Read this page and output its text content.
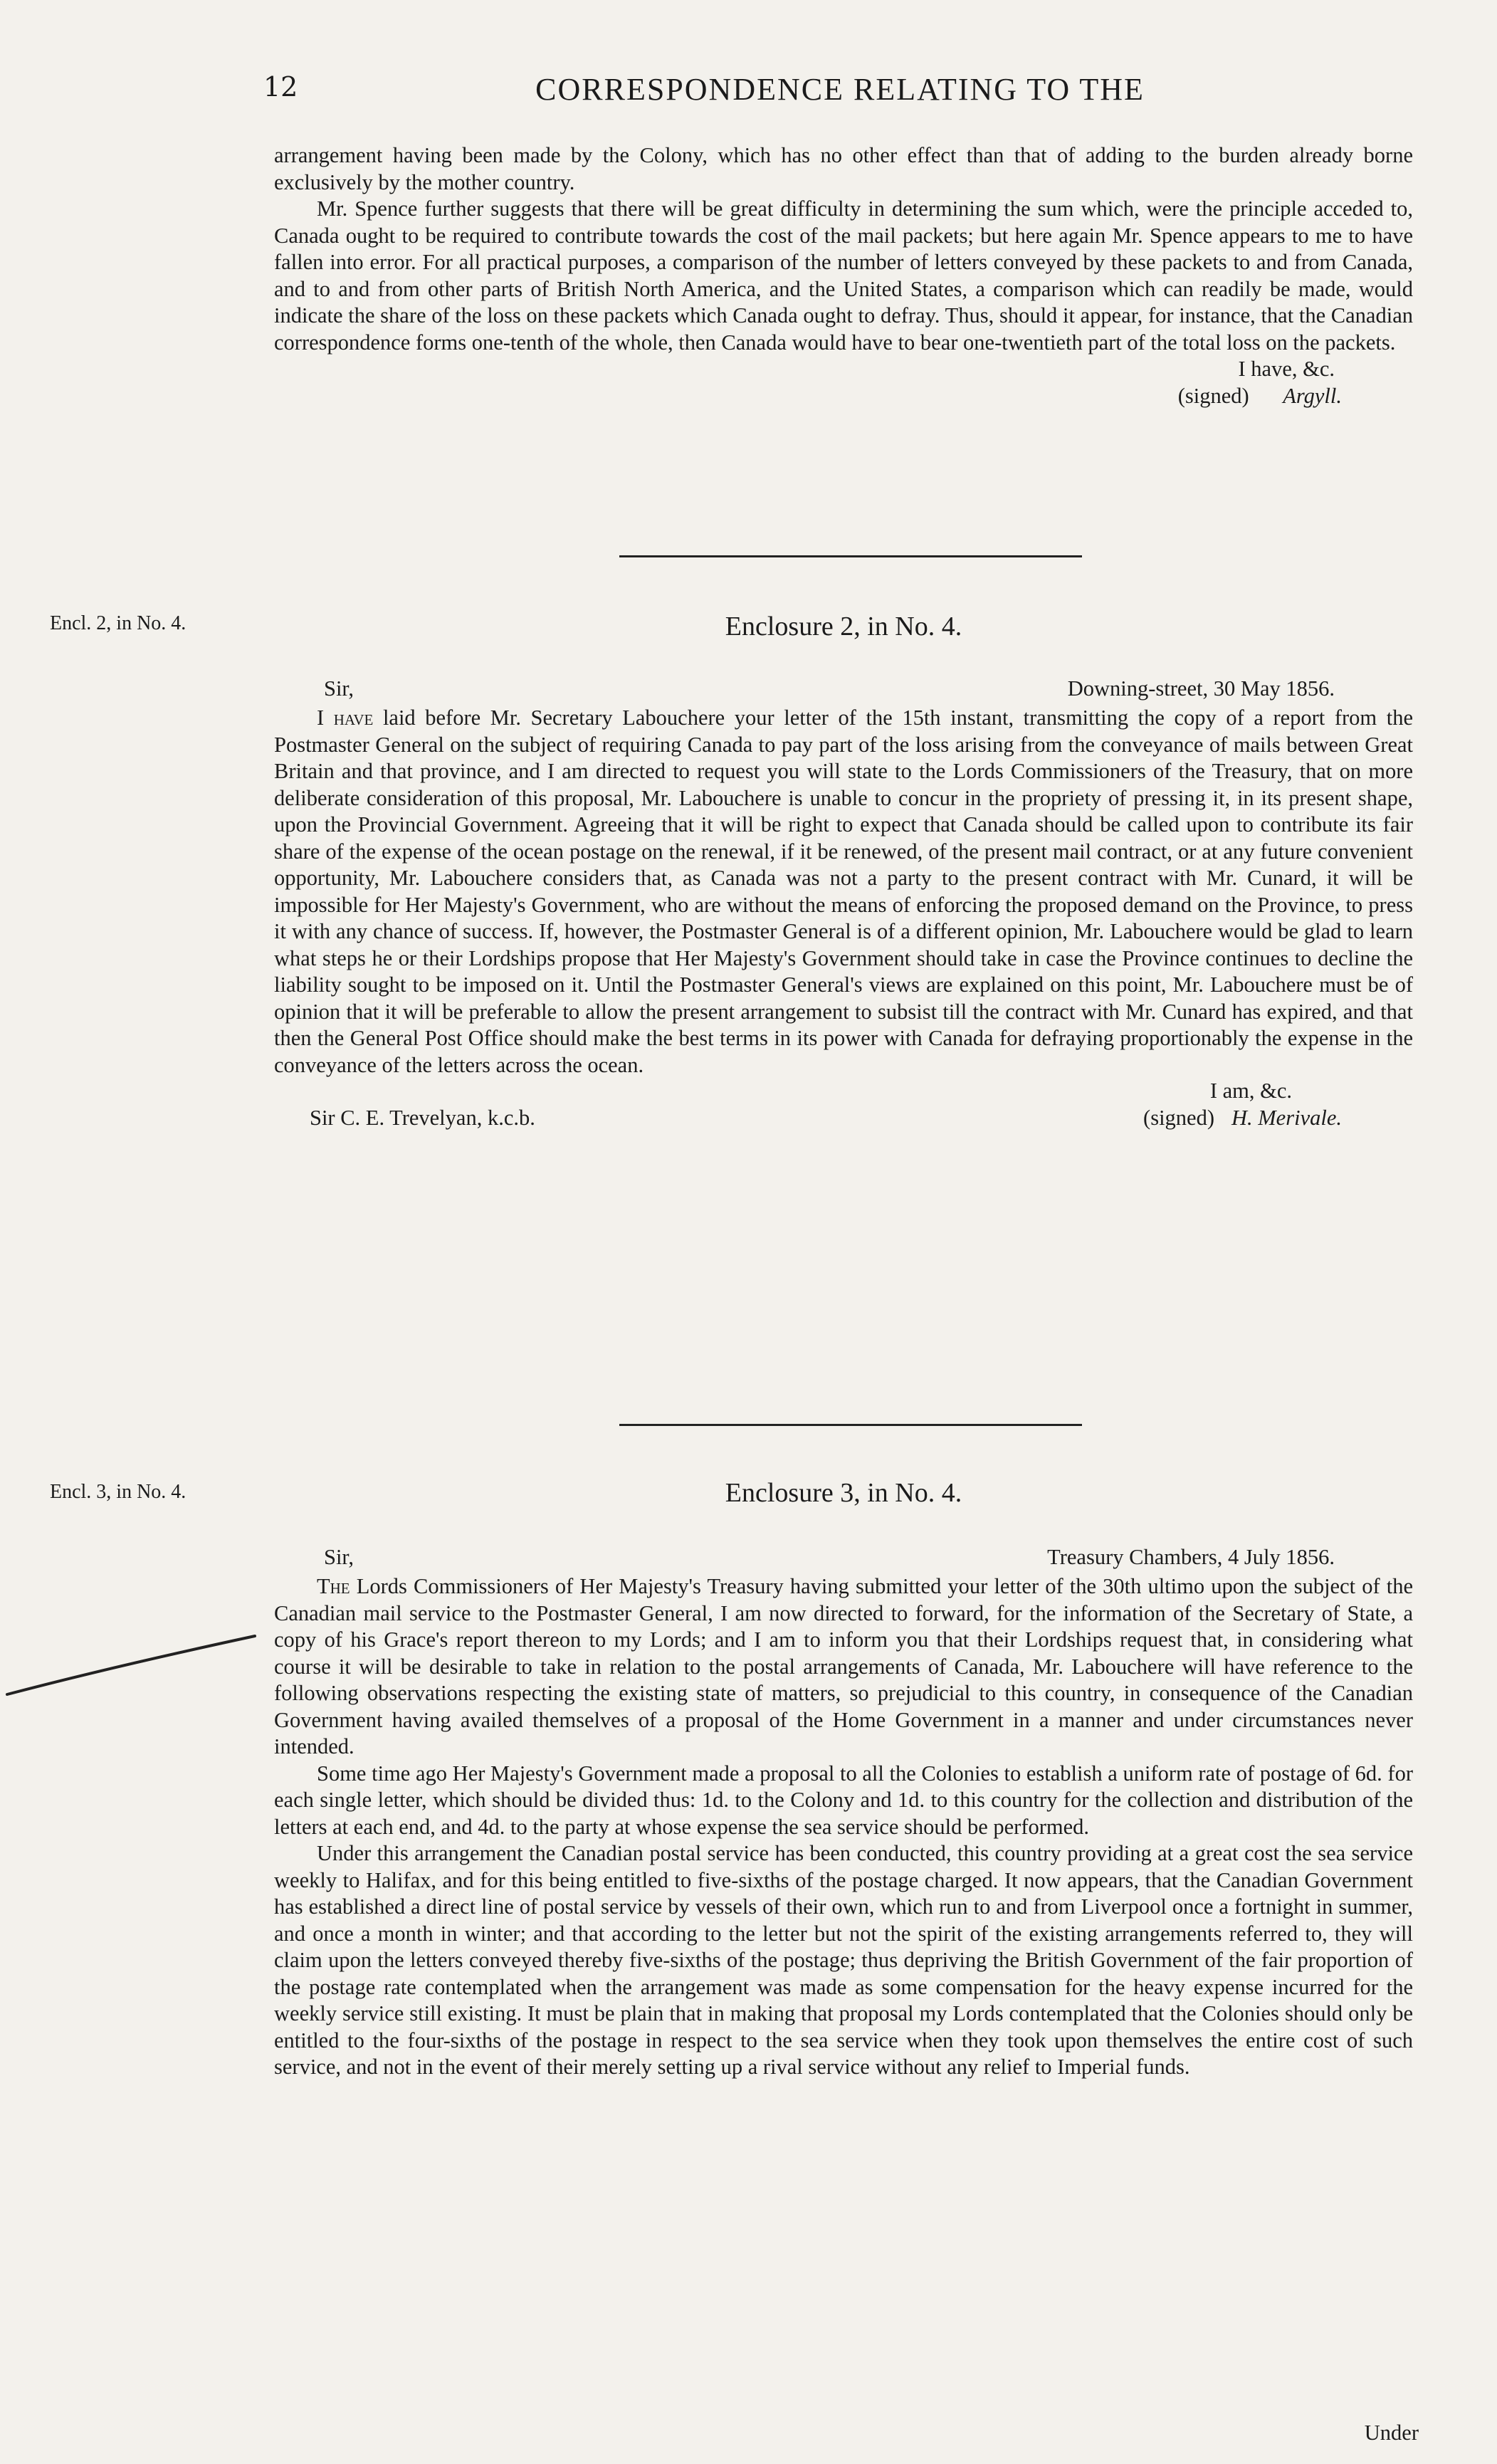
12	CORRESPONDENCE RELATING TO THE

arrangement having been made by the Colony, which has no other effect than that of adding to the burden already borne exclusively by the mother country.

Mr. Spence further suggests that there will be great difficulty in determining the sum which, were the principle acceded to, Canada ought to be required to contribute towards the cost of the mail packets; but here again Mr. Spence appears to me to have fallen into error. For all practical purposes, a comparison of the number of letters conveyed by these packets to and from Canada, and to and from other parts of British North America, and the United States, a comparison which can readily be made, would indicate the share of the loss on these packets which Canada ought to defray. Thus, should it appear, for instance, that the Canadian correspondence forms one-tenth of the whole, then Canada would have to bear one-twentieth part of the total loss on the packets.

I have, &c.
(signed) Argyll.
Encl. 2, in No. 4.	Enclosure 2, in No. 4.
Sir,	Downing-street, 30 May 1856.

I have laid before Mr. Secretary Labouchere your letter of the 15th instant, transmitting the copy of a report from the Postmaster General on the subject of requiring Canada to pay part of the loss arising from the conveyance of mails between Great Britain and that province, and I am directed to request you will state to the Lords Commissioners of the Treasury, that on more deliberate consideration of this proposal, Mr. Labouchere is unable to concur in the propriety of pressing it, in its present shape, upon the Provincial Government. Agreeing that it will be right to expect that Canada should be called upon to contribute its fair share of the expense of the ocean postage on the renewal, if it be renewed, of the present mail contract, or at any future convenient opportunity, Mr. Labouchere considers that, as Canada was not a party to the present contract with Mr. Cunard, it will be impossible for Her Majesty's Government, who are without the means of enforcing the proposed demand on the Province, to press it with any chance of success. If, however, the Postmaster General is of a different opinion, Mr. Labouchere would be glad to learn what steps he or their Lordships propose that Her Majesty's Government should take in case the Province continues to decline the liability sought to be imposed on it. Until the Postmaster General's views are explained on this point, Mr. Labouchere must be of opinion that it will be preferable to allow the present arrangement to subsist till the contract with Mr. Cunard has expired, and that then the General Post Office should make the best terms in its power with Canada for defraying proportionably the expense in the conveyance of the letters across the ocean.

I am, &c.
Sir C. E. Trevelyan, k.c.b.	(signed) H. Merivale.
Encl. 3, in No. 4.	Enclosure 3, in No. 4.
Sir,	Treasury Chambers, 4 July 1856.

The Lords Commissioners of Her Majesty's Treasury having submitted your letter of the 30th ultimo upon the subject of the Canadian mail service to the Postmaster General, I am now directed to forward, for the information of the Secretary of State, a copy of his Grace's report thereon to my Lords; and I am to inform you that their Lordships request that, in considering what course it will be desirable to take in relation to the postal arrangements of Canada, Mr. Labouchere will have reference to the following observations respecting the existing state of matters, so prejudicial to this country, in consequence of the Canadian Government having availed themselves of a proposal of the Home Government in a manner and under circumstances never intended.

Some time ago Her Majesty's Government made a proposal to all the Colonies to establish a uniform rate of postage of 6d. for each single letter, which should be divided thus: 1d. to the Colony and 1d. to this country for the collection and distribution of the letters at each end, and 4d. to the party at whose expense the sea service should be performed.

Under this arrangement the Canadian postal service has been conducted, this country providing at a great cost the sea service weekly to Halifax, and for this being entitled to five-sixths of the postage charged. It now appears, that the Canadian Government has established a direct line of postal service by vessels of their own, which run to and from Liverpool once a fortnight in summer, and once a month in winter; and that according to the letter but not the spirit of the existing arrangements referred to, they will claim upon the letters conveyed thereby five-sixths of the postage; thus depriving the British Government of the fair proportion of the postage rate contemplated when the arrangement was made as some compensation for the heavy expense incurred for the weekly service still existing. It must be plain that in making that proposal my Lords contemplated that the Colonies should only be entitled to the four-sixths of the postage in respect to the sea service when they took upon themselves the entire cost of such service, and not in the event of their merely setting up a rival service without any relief to Imperial funds.

Under
